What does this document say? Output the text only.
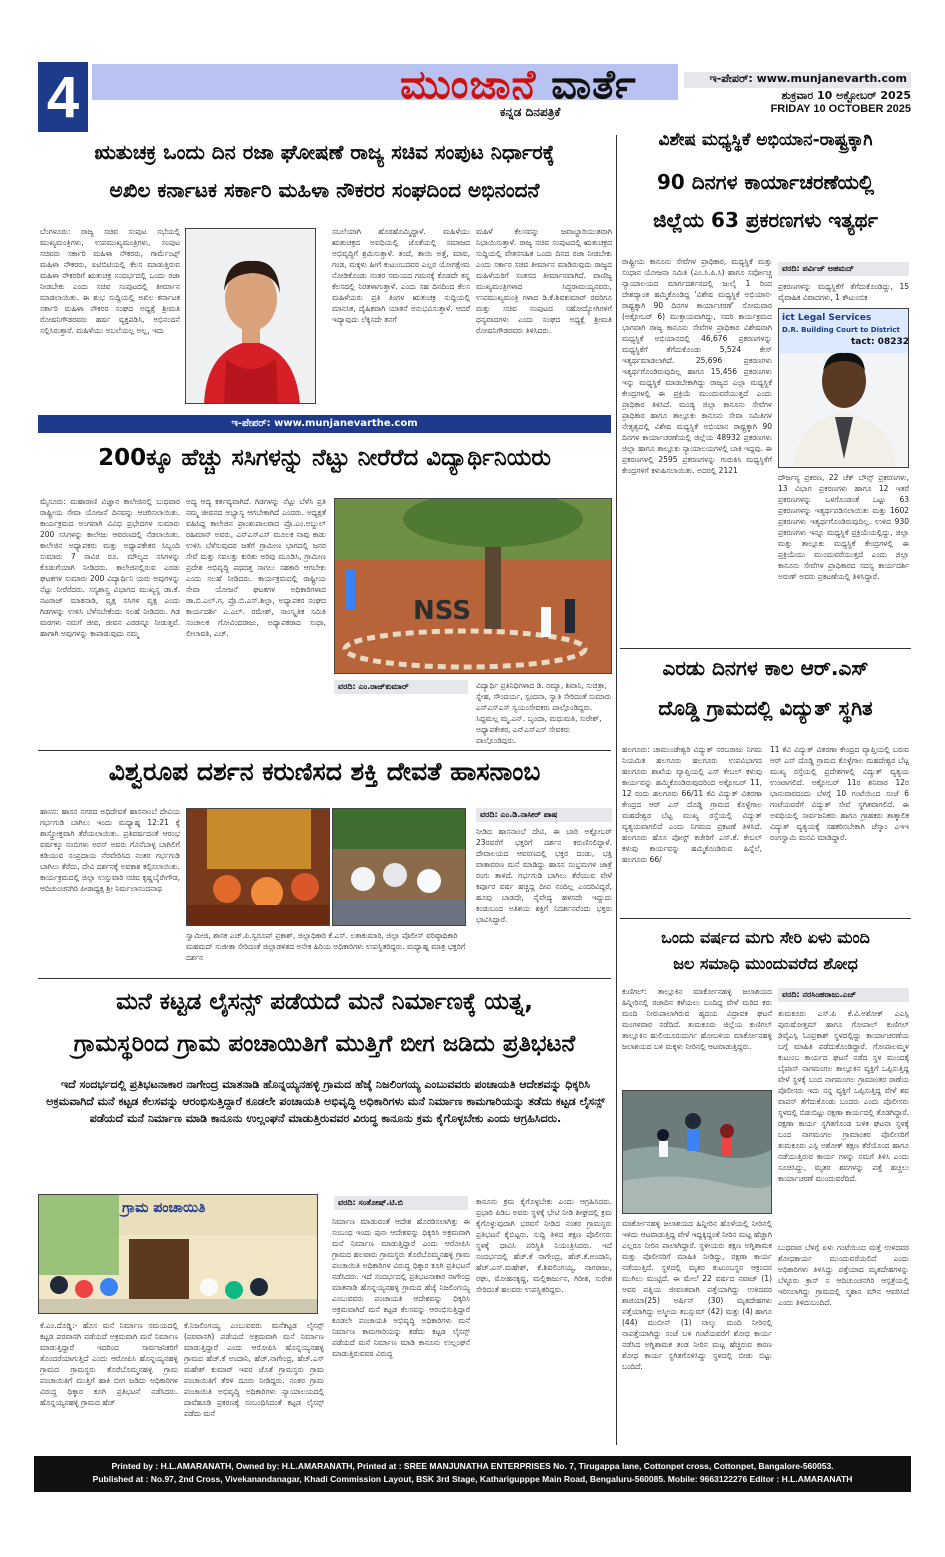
4	ಮುಂಜಾನೆ ವಾರ್ತೆ
ಕನ್ನಡ ದಿನಪತ್ರಿಕೆ
ಇ-ಪೇಪರ್: www.munjanevarth.com
ಶುಕ್ರವಾರ 10 ಅಕ್ಟೋಬರ್ 2025
FRIDAY 10 OCTOBER 2025
ಋತುಚಕ್ರ ಒಂದು ದಿನ ರಜಾ ಘೋಷಣೆ ರಾಜ್ಯ ಸಚಿವ ಸಂಪುಟ ನಿರ್ಧಾರಕ್ಕೆ
ಅಖಿಲ ಕರ್ನಾಟಕ ಸರ್ಕಾರಿ ಮಹಿಳಾ ನೌಕರರ ಸಂಘದಿಂದ ಅಭಿನಂದನೆ
ಬೆಂಗಳೂರು: ರಾಜ್ಯ ಸಚಿವ ಸಂಪುಟ ಸಭೆಯಲ್ಲಿ ಮುಖ್ಯಮಂತ್ರಿಗಳು, ಉಪಮುಖ್ಯಮಂತ್ರಿಗಳು, ಸಂಪುಟ ಸಚಿವರು ಸರ್ಕಾರಿ ಮಹಿಳಾ ನೌಕರರು, ಗಾರ್ಮೆಂಟ್ಸ್ ಮಹಿಳಾ ನೌಕರರು, ಐಟಿಬಿಟಿಯಲ್ಲಿ ಕೆಲಸ ಮಾಡುತ್ತಿರುವ ಮಹಿಳಾ ನೌಕರರಿಗೆ ಋತುಚಕ್ರ ಸಂದರ್ಭದಲ್ಲಿ ಒಂದು ರಜಾ ನೀಡಬೇಕು ಎಂದು ಸಚಿವ ಸಂಪುಟದಲ್ಲಿ ತೀರ್ಮಾನ ಮಾಡಲಾಯಿತು. ಈ ಶುಭ ಸುದ್ದಿಯಲ್ಲಿ ಅಖಿಲ ಕರ್ನಾಟಕ ಸರ್ಕಾರಿ ಮಹಿಳಾ ನೌಕರರ ಸಂಘದ ಅಧ್ಯಕ್ಷೆ ಶ್ರೀಮತಿ ರೋಷನಿಗೌಡರವರು ಹರ್ಷ ವ್ಯಕ್ತಪಡಿಸಿ, ಅಭಿನಂದನೆ ಸಲ್ಲಿಸಿರುತ್ತಾರೆ. ಮಹಿಳೆಯು ಅಬಲೆಯಲ್ಲ ಅಲ್ಲ, ಇದು
ಸಬಲೆಯಾಗಿ ಹೊರಹೊಮ್ಮಿದ್ದಾಳೆ. ಮಹಿಳೆಯು ಋತುಚಕ್ರದ ಅವಧಿಯಲ್ಲಿ ಜೊತೆಯಲ್ಲಿ ಸಮಾಜದ ಅಭಿವೃದ್ಧಿಗೆ ಶ್ರಮಿಸುತ್ತಾಳೆ. ತಂದೆ, ತಾಯಿ ಅತ್ತೆ, ಮಾವ, ಗಂಡ, ಮಕ್ಕಳು ಹೀಗೆ ಕುಟುಂಬದವರ ಎಲ್ಲರ ಯೋಗಕ್ಷೇಮ ನೋಡಿಕೊಂಡು ನಂತರ ಸಮಯದ ಗಮನಕ್ಕೆ ಕೊಡದೇ ತನ್ನ ಕೆಲಸದಲ್ಲಿ ನಿರತಳಾಗುತ್ತಾಳೆ. ಎಂದು ಸಹ ದಿನದಿಂದ ಕೆಲಸ ಮಹಿಳೆಯರು ಪ್ರತಿ ತಿಂಗಳ ಋತುಚಕ್ರ ಸುದ್ದಿಯಲ್ಲಿ ಮಾನಸಿಕ, ದೈಹಿಕವಾಗಿ ಯಾತನೆ ಅನುಭವಿಸುತ್ತಾಳೆ. ಆದರೆ ಇದ್ಯಾವುದು ಲೆಕ್ಕಿಸದೇ ತನಗೆ
ಮಹಿಳೆ ಕೆಲಸವನ್ನು ಜವಾಬ್ದಾರಿಯುತವಾಗಿ ನಿಭಾಯಿಸುತ್ತಾಳೆ. ರಾಜ್ಯ ಸಚಿವ ಸಂಪುಟದಲ್ಲಿ ಋತುಚಕ್ರದ ಸುದ್ದಿಯಲ್ಲಿ ವೇತನಸಹಿತ ಒಂದು ದಿನದ ರಜಾ ನೀಡಬೇಕು ಎಂದು ಸರ್ಕಾರ ಸಚಿವ ತೀರ್ಮಾನ ಮಾಡಿರುವುದು ರಾಜ್ಯದ ಮಹಿಳೆಯರಿಗೆ ಸಂತಸದ ತೀರ್ಮಾನವಾಗಿದೆ. ವಾಣಿಜ್ಯ ಮುಖ್ಯಮಂತ್ರಿಗಳಾದ ಸಿದ್ಧರಾಮಯ್ಯನವರು, ಉಪಮುಖ್ಯಮಂತ್ರಿ ಗಳಾದ ಡಿ.ಕೆ.ಶಿವಕುಮಾರ್ ರವರಿಗೂ ಮತ್ತು ಸಚಿವ ಸಂಪುಟದ ಸಹೋದ್ಯೋಗಿಗಳಿಗೆ ಧನ್ಯವಾದಗಳು ಎಂದು ಸಂಘದ ಅಧ್ಯಕ್ಷೆ ಶ್ರೀಮತಿ ರೋಷನಿಗೌಡರವರು ತಿಳಿಸಿದರು.
ಇ-ಪೇಪರ್: www.munjanevarthe.com
200ಕ್ಕೂ ಹೆಚ್ಚು ಸಸಿಗಳನ್ನು ನೆಟ್ಟು ನೀರೆರೆದ ವಿದ್ಯಾರ್ಥಿನಿಯರು
ಮೈಸೂರು: ಮಹಾರಾಣಿ ವಿಜ್ಞಾನ ಕಾಲೇಜಿನಲ್ಲಿ ಬುಧವಾರ ರಾಷ್ಟ್ರೀಯ ಸೇವಾ ಯೋಜನೆ ದಿನವನ್ನು ಆಚರಿಸಲಾಯಿತು. ಕಾರ್ಯಕ್ರಮದ ಅಂಗವಾಗಿ ವಿವಿಧ ಪ್ರಭೇದಗಳ ಸುಮಾರು 200 ಸಸಿಗಳನ್ನು ಕಾಲೇಜು ಆವರಣದಲ್ಲಿ ನೆಡಲಾಯಿತು. ಕಾಲೇಜಿನ ಅಧ್ಯಾಪಕರು ಮತ್ತು ಅಧ್ಯಾಪಕೇತರ ಸಿಬ್ಬಂದಿ ಸುಮಾರು 7 ಸಾವಿರ ರೂ. ಮೌಲ್ಯದ ಸಸಿಗಳನ್ನು ಕೊಡುಗೆಯಾಗಿ ನೀಡಿದರು. ಕಾಲೇಜಿನಲ್ಲಿರುವ ಎರಡು ಘಟಕಗಳ ಸುಮಾರು 200 ವಿದ್ಯಾರ್ಥಿನಿ ಯರು ಅವುಗಳನ್ನು ನೆಟ್ಟು ನೀರೆರೆದರು. ಸಸ್ಯಶಾಸ್ತ್ರ ವಿಭಾಗದ ಮುಖ್ಯಸ್ಥ ಡಾ.ಕೆ. ನಟರಾಜ್ ಮಾತನಾಡಿ, ವೃಕ್ಷ ಸಸಿಗಳ ವೃಕ್ಷ ಎಂದು ಗಿಡಗಳನ್ನು ಉಳಿಸಿ ಬೆಳೆಸಬೇಕೆಂದು ಸಲಹೆ ನೀಡಿದರು. ಗಿಡ ಮರಗಳು ನಮಗೆ ಜೀವ, ಜೀವನ ಎರಡನ್ನೂ ನೀಡುತ್ತವೆ. ಹಾಗಾಗಿ ಅವುಗಳನ್ನು ಕಾಪಾಡುವುದು ನಮ್ಮ
ಅದ್ಯ ಆದ್ಯ ಕರ್ತವ್ಯವಾಗಿದೆ. ಗಿಡಗಳನ್ನು ನೆಟ್ಟು ಬೆಳೆಸಿ ಪ್ರತಿ ನಮ್ಮ ಜೀವನದ ಅಭ್ಯಾಸ್ಯ ಆಗಬೇಕಾಗಿದೆ ಎಂದರು. ಅಧ್ಯಕ್ಷತೆ ವಹಿಸಿದ್ದ ಕಾಲೇಜಿನ ಪ್ರಾಂಶುಪಾಲರಾದ ಪ್ರೊ.ಎಂ.ಅಬ್ದುಲ್ ರಹಿಮಾನ್ ಅವರು, ಎನ್‌ಎಸ್‌ಎಸ್ ಮೂಲಕ ನಾವು ಕಾಡು ಉಳಿಸಿ ಬೆಳೆಸುವುದರ ಜತೆಗೆ ಗ್ರಾಮೀಣ ಭಾಗದಲ್ಲಿ ಜನರ ಸೇವೆ ಮತ್ತು ಸವಲತ್ತು ಕುರಿತು ಅರಿವು ಮೂಡಿಸಿ, ಗ್ರಾಮೀಣ ಪ್ರದೇಶ ಅಭಿವೃದ್ಧಿ ಪಥದತ್ತ ಸಾಗಲು ಸಹಕಾರಿ ಆಗಬೇಕು ಎಂದು ಸಲಹೆ ನೀಡಿದರು. ಕಾರ್ಯಕ್ರಮದಲ್ಲಿ ರಾಷ್ಟ್ರೀಯ ಸೇವಾ ಯೋಜನೆ ಘಟಕಗಳ ಅಧಿಕಾರಿಗಳಾದ ಡಾ.ಬಿ.ಎಲ್.ಗ, ಪ್ರೊ.ಬಿ.ಎಸ್.ಶಿಲ್ಪಾ, ಅಧ್ಯಾಪಕರ ಸಂಘದ ಕಾರ್ಯದರ್ಶಿ ಎ.ಎಲ್. ರಮೇಶ್, ಸಾಂಸ್ಕೃತಿಕ ಸಮಿತಿ ಸಂಚಾಲಕ ಗೋವಿಂದರಾಜು, ಅಧ್ಯಾಪಕರಾದ ಸುಧಾ, ಲೀಲಾವತಿ, ಎಚ್.
NSS
ವರದಿ: ಎಂ.ರಾಜ್‌ಕುಮಾರ್	ವಿದ್ಯಾರ್ಥಿ ಪ್ರತಿನಿಧಿಗಳಾದ ಡಿ. ರಮ್ಯಾ, ಶಿವಾನಿ, ಸುಚಿತ್ರಾ, ಸ್ನೇಹ, ಸೌಂದರ್ಯ, ಸ್ಪಂದನಾ, ಸ್ವಾತಿ ಸೇರಿದಂತೆ ಸುಮಾರು ಎನ್‌ಎಸ್‌ಎಸ್ ಸ್ವಯಂಸೇವಕರು ಪಾಲ್ಗೊಂಡಿದ್ದರು. ಸಿದ್ದಮಲ್ಲ ಮ್ಮ.ಎನ್. ಬೃಂದಾ, ಮಧುಮತಿ, ಸುರೇಶ್, ಅಧ್ಯಾಪಕೇತರ, ಎನ್‌ಎಸ್‌ಎಸ್ ಸೇವಕರು ಪಾಲ್ಗೊಂಡಿದ್ದರು.
ವಿಶ್ವರೂಪ ದರ್ಶನ ಕರುಣಿಸದ ಶಕ್ತಿ ದೇವತೆ ಹಾಸನಾಂಬ
ಹಾಸನ: ಹಾಸನ ನಗರದ ಅಧಿದೇವತೆ ಹಾಸನಾಂಬೆ ದೇವಿಯ ಗರ್ಭಗುಡಿ ಬಾಗಿಲು ಇಂದು ಮಧ್ಯಾಹ್ನ 12:21 ಕ್ಕೆ ಶಾಸ್ತ್ರೋಕ್ತವಾಗಿ ತೆರೆಯಲಾಯಿತು. ಪ್ರತಿವರ್ಷದಂತೆ ಆರಂಭ ವರ್ಷಕ್ಕೂ ನಂಬಿಗಳು ಅರಸ್ ಅವರು ಗೊನೆಬಾಳ್ಳ ಬಾಗಿಲಿಗೆ ಕಡಿಯುವ ಸಂಪ್ರದಾಯ ನೆರವೇರಿಸಿದ ನಂತರ ಗರ್ಭಗುಡಿ ಬಾಗಿಲು ತೆರೆದು, ದೇವಿ ದರ್ಶನಕ್ಕೆ ಅವಕಾಶ ಕಲ್ಪಿಸಲಾಯಿತು. ಕಾರ್ಯಕ್ರಮದಲ್ಲಿ ಜಿಲ್ಲಾ ಉಸ್ತುವಾರಿ ಸಚಿವ ಕೃಷ್ಣಬೈರೇಗೌಡ, ಆದಿಚುಂಚನಗಿರಿ ಪೀಠಾಧ್ಯಕ್ಷ ಶ್ರೀ ನಿರ್ಮಲಾನಂದನಾಥ
ಸ್ವಾಮೀಜಿ, ಶಾಸಕ ಎಚ್.ಪಿ.ಸ್ವರೂಪ್ ಪ್ರಕಾಶ್, ಜಿಲ್ಲಾಧಿಕಾರಿ ಕೆ.ಎಸ್. ಲತಾಕುಮಾರಿ, ಜಿಲ್ಲಾ ಪೊಲೀಸ್ ವರಿಷ್ಠಾಧಿಕಾರಿ ಮಹಮದ್ ಸುಜೀತಾ ಸೇರಿದಂತೆ ಜಿಲ್ಲಾಡಳಿತದ ಅನೇಕ ಹಿರಿಯ ಅಧಿಕಾರಿಗಳು ಉಪಸ್ಥಿತರಿದ್ದರು. ಮಧ್ಯಾಹ್ನ ಮಾತ್ರ ಭಕ್ತರಿಗೆ ದರ್ಶನ
ವರದಿ: ಎಂ.ಡಿ.ನಾಸೀರ್ ಪಾಷ
ನೀಡಿದ ಹಾಸನಾಂಬೆ ದೇವಿ, ಈ ಬಾರಿ ಅಕ್ಟೋಬರ್ 23ರವರೆಗೆ ಭಕ್ತರಿಗೆ ದರ್ಶನ ಕರುಣಿಸಲಿದ್ದಾಳೆ. ದೇವಾಲಯದ ಆವರಣದಲ್ಲಿ ಭಕ್ತರ ದಂಡು, ಭಕ್ತಿ ವಾತಾವರಣ ಮನೆ ಮಾಡಿದ್ದು ಹಾಸನ ಸಂಭ್ರಮಗಳ ಜಾತ್ರೆ ರಂಗು ತಾಳಿದೆ. ಗರ್ಭಗುಡಿ ಬಾಗಿಲು ತೆರೆಯುವ ವೇಳೆ ಕರ್ಪೂರ ವರ್ಷ ಹಚ್ಚಿದ್ದ ದೀಪ ನಂದಿಲ್ಲ ಎಂದರಿವಿದ್ದರೆ, ಹೂವು ಬಾಡದೇ, ನೈವೇದ್ಯ ಹಳಸದೇ ಇದ್ದುದು ಕಂಡುಬಂದ ಅತಿಶಯ ಶಕ್ತಿಗೆ ನಿದರ್ಶನವೆಂದು ಭಕ್ತರು ಭಾವಿಸಿದ್ದಾರೆ.
ಮನೆ ಕಟ್ಟಡ ಲೈಸನ್ಸ್ ಪಡೆಯದೆ ಮನೆ ನಿರ್ಮಾಣಕ್ಕೆ ಯತ್ನ,
ಗ್ರಾಮಸ್ಥರಿಂದ ಗ್ರಾಮ ಪಂಚಾಯಿತಿಗೆ ಮುತ್ತಿಗೆ ಬೀಗ ಜಡಿದು ಪ್ರತಿಭಟನೆ
ಇದೆ ಸಂದರ್ಭದಲ್ಲಿ ಪ್ರತಿಭಟನಾಕಾರ ನಾಗೇಂದ್ರ ಮಾತನಾಡಿ ಹೊನ್ನಯ್ಯನಹಳ್ಳಿ ಗ್ರಾಮದ ಹೆಜ್ಕೆ ನಿಜಲಿಂಗಯ್ಯ ಎಂಬುವವರು ಪಂಚಾಯತಿ ಆದೇಶವನ್ನು ಧಿಕ್ಕರಿಸಿ ಅಕ್ರಮವಾಗಿದೆ ಮನೆ ಕಟ್ಟಡ ಕೆಲಸವನ್ನು ಆರಂಭಿಸುತ್ತಿದ್ದಾರೆ ಕೂಡಲೇ ಪಂಚಾಯತಿ ಅಭಿವೃದ್ಧಿ ಅಧಿಕಾರಿಗಳು ಮನೆ ನಿರ್ಮಾಣ ಕಾಮಗಾರಿಯನ್ನು ತಡೆದು ಕಟ್ಟಡ ಲೈಸನ್ಸ್ ಪಡೆಯದೆ ಮನೆ ನಿರ್ಮಾಣ ಮಾಡಿ ಕಾನೂನು ಉಲ್ಲಂಘನೆ ಮಾಡುತ್ತಿರುವವರ ವಿರುದ್ಧ ಕಾನೂನು ಕ್ರಮ ಕೈಗೊಳ್ಳಬೇಕು ಎಂದು ಆಗ್ರಹಿಸಿದರು.
ಗ್ರಾಮ ಪಂಚಾಯಿತಿ
ಕೆ.ಎಂ.ದೊಡ್ಡಿ:- ಹೊಸ ಮನೆ ನಿರ್ಮಾಣ ಸಮಯದಲ್ಲಿ ಕಟ್ಟಡ ಪರವಾನಗಿ ಪಡೆಯದೆ ಅಕ್ರಮವಾಗಿ ಮನೆ ನಿರ್ಮಾಣ ಮಾಡುತ್ತಿದ್ದಾರೆ ಇದರಿಂದ ಸಾರ್ವಜನಿಕರಿಗೆ ತೊಂದರೆಯಾಗುತ್ತಿದೆ ಎಂದು ಆರೋಪಿಸಿ ಹೊನ್ನಯ್ಯನಹಳ್ಳಿ ಗ್ರಾಮದ ಗ್ರಾಮಸ್ಥರು ತೊರೆಬೊಮ್ಮನಹಳ್ಳಿ ಗ್ರಾಮ ಪಂಚಾಯಿತಿಗೆ ಮುತ್ತಿಗೆ ಹಾಕಿ ಬೀಗ ಜಡಿದು ಅಧಿಕಾರಿಗಳ ವಿರುದ್ಧ ಧಿಕ್ಕಾರ ಕೂಗಿ ಪ್ರತಿಭಟನೆ ನಡೆಸಿದರು. ಹೊನ್ನಯ್ಯನಹಳ್ಳಿ ಗ್ರಾಮದ ಹೆಚ್
ಕೆ.ನಿಜಲಿಂಗಯ್ಯ ಎಂಬುವವರು ಮನೆಕಟ್ಟಡ ಲೈಸನ್ಸ್ (ಪರವಾನಗಿ) ಪಡೆಯದೆ ಅಕ್ರಮವಾಗಿ ಮನೆ ನಿರ್ಮಾಣ ಮಾಡುತ್ತಿದ್ದಾರೆ ಎಂದು ಆರೋಪಿಸಿ ಹೊನ್ನಯ್ಯನಹಳ್ಳಿ ಗ್ರಾಮದ ಹೆಚ್.ಕೆ ಅಂದಾನಿ, ಹೆಚ್.ನಾಗೇಂದ್ರ, ಹೆಚ್.ಎಸ್ ಮಹೇಶ್ ಕುಮಾರ್ ಇವರ ಜೊತೆ ಗ್ರಾಮಸ್ಥರು ಗ್ರಾಮ ಪಂಚಾಯಿತಿಗೆ ತೆರಳಿ ದೂರು ನೀಡಿದ್ದರು. ನಂತರ ಗ್ರಾಮ ಪಂಚಾಯಿತಿ ಅಭಿವೃದ್ಧಿ ಅಧಿಕಾರಿಗಳು ನ್ಯಾಯಾಲಯದಲ್ಲಿ ದಾವೆಹೂಡಿ ಪ್ರಕರಣಕ್ಕೆ ಸಂಬಂಧಿಸಿದಂತೆ ಕಟ್ಟಡ ಲೈಸನ್ಸ್ ಪಡೆದು ಮನೆ
ವರದಿ: ಸಂತೋಷ್.ಟಿ.ಬಿ
ನಿರ್ಮಾಣ ಮಾಡುವಂತೆ ಆದೇಶ ಹೊರಡಿಸಲಾಗಿತ್ತು ಈ ಸಂಬಂಧ ಇಂದು ಪುನಃ ಆದೇಶವನ್ನು ಧಿಕ್ಕರಿಸಿ ಅಕ್ರಮವಾಗಿ ಮನೆ ನಿರ್ಮಾಣ ಮಾಡುತ್ತಿದ್ದಾರೆ ಎಂದು ಆರೋಪಿಸಿ ಗ್ರಾಮದ ಹಲವಾರು ಗ್ರಾಮಸ್ಥರು ತೊರೆಬೊಮ್ಮನಹಳ್ಳಿ ಗ್ರಾಮ ಪಂಚಾಯಿತಿ ಅಧಿಕಾರಿಗಳ ವಿರುದ್ಧ ಧಿಕ್ಕಾರ ಕೂಗಿ ಪ್ರತಿಭಟನೆ ನಡೆಸಿದರು. ಇದೆ ಸಂದರ್ಭದಲ್ಲಿ ಪ್ರತಿಭಟನಾಕಾರ ನಾಗೇಂದ್ರ ಮಾತನಾಡಿ ಹೊನ್ನಯ್ಯನಹಳ್ಳಿ ಗ್ರಾಮದ ಹೆಜ್ಕೆ ನಿಜಲಿಂಗಯ್ಯ ಎಂಬುವವರು ಪಂಚಾಯತಿ ಆದೇಶವನ್ನು ಧಿಕ್ಕರಿಸಿ ಅಕ್ರಮವಾಗಿದೆ ಮನೆ ಕಟ್ಟಡ ಕೆಲಸವನ್ನು ಆರಂಭಿಸುತ್ತಿದ್ದಾರೆ ಕೂಡಲೇ ಪಂಚಾಯತಿ ಅಭಿವೃದ್ಧಿ ಅಧಿಕಾರಿಗಳು ಮನೆ ನಿರ್ಮಾಣ ಕಾಮಗಾರಿಯನ್ನು ತಡೆದು ಕಟ್ಟಡ ಲೈಸನ್ಸ್ ಪಡೆಯದೆ ಮನೆ ನಿರ್ಮಾಣ ಮಾಡಿ ಕಾನೂನು ಉಲ್ಲಂಘನೆ ಮಾಡುತ್ತಿರುವವರ ವಿರುದ್ಧ
ಕಾನೂನು ಕ್ರಮ ಕೈಗೊಳ್ಳಬೇಕು ಎಂದು ಆಗ್ರಹಿಸಿದರು. ಪ್ರಭಾರಿ ಪಿಡಿಒ ಅವರು ಸ್ಥಳಕ್ಕೆ ಭೇಟಿ ನೀಡಿ ಶೀಘ್ರದಲ್ಲಿ ಕ್ರಮ ಕೈಗೊಳ್ಳುವುದಾಗಿ ಭರವಸೆ ನೀಡಿದ ನಂತರ ಗ್ರಾಮಸ್ಥರು ಪ್ರತಿಭಟನೆ ಕೈಬಿಟ್ಟರು. ಸುದ್ದಿ ತಿಳಿದ ತಕ್ಷಣ ಪೊಲೀಸರು ಸ್ಥಳಕ್ಕೆ ಧಾವಿಸಿ ಪರಿಸ್ಥಿತಿ ನಿಯಂತ್ರಿಸಿದರು. ಇದೆ ಸಂದರ್ಭದಲ್ಲಿ ಹೆಚ್.ಕೆ ನಾಗೇಂದ್ರ, ಹೆಚ್.ಕೆ.ಅಂದಾನಿ, ಹೆಚ್.ಎಸ್.ಮಹೇಶ್, ಕೆ.ಶಿವಲಿಂಗಯ್ಯ, ನಾಗರಾಜು, ರಘು, ಮೋಹನಕೃಷ್ಣ, ಮಲ್ಲಿಕಾರ್ಜುನ, ಗಿರೀಶ, ಸುರೇಶ ಸೇರಿದಂತೆ ಹಲವರು ಉಪಸ್ಥಿತರಿದ್ದರು.
ವಿಶೇಷ ಮಧ್ಯಸ್ಥಿಕೆ ಅಭಿಯಾನ-ರಾಷ್ಟ್ರಕ್ಕಾಗಿ
90 ದಿನಗಳ ಕಾರ್ಯಾಚರಣೆಯಲ್ಲಿ
ಜಿಲ್ಲೆಯ 63 ಪ್ರಕರಣಗಳು ಇತ್ಯರ್ಥ
ರಾಷ್ಟ್ರೀಯ ಕಾನೂನು ಸೇವೆಗಳ ಪ್ರಾಧಿಕಾರ, ಮಧ್ಯಸ್ಥಿಕೆ ಮತ್ತು ಸಂಧಾನ ಯೋಜನಾ ಸಮಿತಿ (ಎಂ.ಸಿ.ಪಿ.ಸಿ) ಹಾಗೂ ಸರ್ವೋಚ್ಚ ನ್ಯಾಯಾಲಯದ ಮಾರ್ಗದರ್ಶನದಲ್ಲಿ ಜುಲೈ 1 ರಿಂದ ದೇಶದ್ಯಾಂತ ಹಮ್ಮಿಕೊಂಡಿದ್ದ 'ವಿಶೇಷ ಮಧ್ಯಸ್ಥಿಕೆ ಅಭಿಯಾನ-ರಾಷ್ಟ್ರಕ್ಕಾಗಿ 90 ದಿನಗಳ ಕಾರ್ಯಾಚರಣೆ' ಸೋಮವಾರ (ಅಕ್ಟೋಬರ್ 6) ಮುಕ್ತಾಯವಾಗಿದ್ದು, ಸದರಿ ಕಾರ್ಯಕ್ರಮದ ಭಾಗವಾಗಿ ರಾಜ್ಯ ಕಾನೂನು ಸೇವೆಗಳ ಪ್ರಾಧಿಕಾರ ವಿಶೇಷವಾಗಿ ಮಧ್ಯಸ್ಥಿಕೆ ಅಭಿಯಾನದಲ್ಲಿ 46,676 ಪ್ರಕರಣಗಳನ್ನು ಮಧ್ಯಸ್ಥಿಕೆಗೆ ತೆಗೆದುಕೊಂಡು 5,524 ಕೇಸ್ ಇತ್ಯರ್ಥಮಾಡಲಾಗಿದೆ. 25,696 ಪ್ರಕರಣಗಳು ಇತ್ಯರ್ಥಗೊಂಡಿರುವುದಿಲ್ಲ ಹಾಗೂ 15,456 ಪ್ರಕರಣಗಳು ಇನ್ನು ಮಧ್ಯಸ್ಥಿಕೆ ಮಾಡಬೇಕಾಗಿದ್ದು ರಾಜ್ಯದ ಎಲ್ಲಾ ಮಧ್ಯಸ್ಥಿಕೆ ಕೇಂದ್ರಗಳಲ್ಲಿ ಈ ಪ್ರಕ್ರಿಯೆ ಮುಂದುವರೆಯುತ್ತದೆ ಎಂದು ಪ್ರಾಧಿಕಾರ ತಿಳಿಸಿದೆ. ಮಂಡ್ಯ ಜಿಲ್ಲಾ ಕಾನೂನು ಸೇವೆಗಳ ಪ್ರಾಧಿಕಾರ ಹಾಗೂ ತಾಲ್ಲೂಕು ಕಾನೂನು ಸೇವಾ ಸಮಿತಿಗಳ ನೇತೃತ್ವದಲ್ಲಿ ವಿಶೇಷ ಮಧ್ಯಸ್ಥಿಕೆ ಅಭಿಯಾನ ರಾಷ್ಟ್ರಕ್ಕಾಗಿ 90 ದಿನಗಳ ಕಾರ್ಯಾಚರಣೆಯಲ್ಲಿ ಜಿಲ್ಲೆಯ 48932 ಪ್ರಕರಣಗಳು ಜಿಲ್ಲಾ ಹಾಗೂ ತಾಲ್ಲೂಕು ನ್ಯಾಯಾಲಯಗಳಲ್ಲಿ ಬಾಕಿ ಇದ್ದವು. ಈ ಪ್ರಕರಣಗಳಲ್ಲಿ 2595 ಪ್ರಕರಣಗಳನ್ನು ಗುರುತಿಸಿ ಮಧ್ಯಸ್ಥಿಕೆಗೆ ಕೇಂದ್ರಗಳಿಗೆ ಕಳುಹಿಸಲಾಯಿತು. ಅದರಲ್ಲಿ 2121
ವರದಿ: ಪರ್ವಿಜ್ ಅಹಮದ್
ಪ್ರಕರಣಗಳನ್ನು ಮಧ್ಯಸ್ಥಿಕೆಗೆ ತೆಗೆದುಕೊಂಡಿದ್ದು, 15 ವೈವಾಹಿಕ ವಿವಾದಗಳು, 1 ಕೌಟುಂಬಿಕ
ict Legal Services
D.R. Building Court to District
tact: 08232
ದೌರ್ಜನ್ಯ ಪ್ರಕರಣ, 22 ಚೆಕ್ ಬೌನ್ಸ್ ಪ್ರಕರಣಗಳು, 13 ವಿಭಾಗ ಪ್ರಕರಣಗಳು ಹಾಗೂ 12 ಇತರೆ ಪ್ರಕರಣಗಳನ್ನು ಒಳಗೊಂಡಂತೆ ಒಟ್ಟು 63 ಪ್ರಕರಣಗಳನ್ನು ಇತ್ಯರ್ಥಪಡಿಸಲಾಯಿತು ಮತ್ತು 1602 ಪ್ರಕರಣಗಳು ಇತ್ಯರ್ಥಗೊಂಡಿರುವುದಿಲ್ಲ. ಉಳಿದ 930 ಪ್ರಕರಣಗಳು ಇನ್ನೂ ಮಧ್ಯಸ್ಥಿಕೆ ಪ್ರಕ್ರಿಯೆಯಲ್ಲಿದ್ದು, ಜಿಲ್ಲಾ ಮತ್ತು ತಾಲ್ಲೂಕು ಮಧ್ಯಸ್ಥಿಕೆ ಕೇಂದ್ರಗಳಲ್ಲಿ ಈ ಪ್ರಕ್ರಿಯೆಯು ಮುಂದುವರೆಯುತ್ತದೆ ಎಂದು ಜಿಲ್ಲಾ ಕಾನೂನು ಸೇವೆಗಳ ಪ್ರಾಧಿಕಾರದ ಸದಸ್ಯ ಕಾರ್ಯದರ್ಶಿ ಅರುಣ್ ಅವರು ಪ್ರಕಟಣೆಯಲ್ಲಿ ತಿಳಿಸಿದ್ದಾರೆ.
ಎರಡು ದಿನಗಳ ಕಾಲ ಆರ್.ಎಸ್
ದೊಡ್ಡಿ ಗ್ರಾಮದಲ್ಲಿ ವಿದ್ಯುತ್ ಸ್ಥಗಿತ
ಹಲಗೂರು: ಚಾಮುಂಡೇಶ್ವರಿ ವಿದ್ಯುತ್ ಸರಬರಾಜು ನಿಗಮ ನಿಯಮಿತ ಹಲಗೂರು ಹಲಗೂರು ಉಪವಿಭಾಗದ ಹಲಗೂರು ಶಾಖೆಯ ವ್ಯಾಪ್ತಿಯಲ್ಲಿ ಎಸ್ ಕೇಬಲ್ ಕಳುವು ಕಾರ್ಯವನ್ನು ಹಮ್ಮಿಕೊಂಡಿರುವುದರಿಂದ ಅಕ್ಟೋಬರ್ 11, 12 ರಂದು ಹಲಗೂರು 66/11 ಕೆವಿ ವಿದ್ಯುತ್ ವಿತರಣಾ ಕೇಂದ್ರದ ಆರ್ ಎಸ್ ದೊಡ್ಡಿ ಗ್ರಾಮದ ಕೊಳ್ಳೆಗಾಲ ಮಹದೇಶ್ವರ ಬೆಟ್ಟ ಮುಖ್ಯ ರಸ್ತೆಯಲ್ಲಿ ವಿದ್ಯುತ್ ವ್ಯತ್ಯಯವಾಗಲಿದೆ ಎಂದು ನಿಗಮದ ಪ್ರಕಟಣೆ ತಿಳಿಸಿದೆ. ಹಲಗೂರು ಹೊಸ ಪೋಸ್ಟ್ ಕಚೇರಿಗೆ ಎಸ್.ಕೆ. ಕೇಬಲ್ ಕಳುವು ಕಾರ್ಯವನ್ನು ಹಮ್ಮಿಕೊಂಡಿರುವ ಹಿನ್ನೆಲೆ, ಹಲಗೂರು 66/
11 ಕೆವಿ ವಿದ್ಯುತ್ ವಿತರಣಾ ಕೇಂದ್ರದ ವ್ಯಾಪ್ತಿಯಲ್ಲಿ ಬರುವ ಆರ್ ಎಸ್ ದೊಡ್ಡಿ ಗ್ರಾಮದ ಕೊಳ್ಳೆಗಾಲ ಮಹದೇಶ್ವರ ಬೆಟ್ಟ ಮುಖ್ಯ ರಸ್ತೆಯಲ್ಲಿ ಪ್ರದೇಶಗಳಲ್ಲಿ ವಿದ್ಯುತ್ ವ್ಯತ್ಯಯ ಉಂಟಾಗಲಿದೆ. ಅಕ್ಟೋಬರ್ 11ರ ಶನಿವಾರ 12ರ ಭಾನುವಾರದಂದು ಬೆಳಗ್ಗೆ 10 ಗಂಟೆಯಿಂದ ಸಂಜೆ 6 ಗಂಟೆಯವರೆಗೆ ವಿದ್ಯುತ್ ಸೇವೆ ಸ್ಥಗಿತವಾಗಲಿದೆ. ಈ ಅವಧಿಯಲ್ಲಿ ಸಾರ್ವಜನಿಕರು ಹಾಗೂ ಗ್ರಾಹಕರು ತಾತ್ಕಾಲಿಕ ವಿದ್ಯುತ್ ವ್ಯತ್ಯಯಕ್ಕೆ ಸಹಕರಿಸಬೇಕಾಗಿ ಚೆಸ್ಕಾಂ ಎಇಇ ರಂಗಸ್ವಾಮಿ ಮನವಿ ಮಾಡಿದ್ದಾರೆ.
ಒಂದು ವರ್ಷದ ಮಗು ಸೇರಿ ಏಳು ಮಂದಿ
ಜಲ ಸಮಾಧಿ ಮುಂದುವರೆದ ಶೋಧ
ಕುಣಿಗಲ್: ತಾಲ್ಲೂಕಿನ ಮಾರ್ಕೋನಹಳ್ಳಿ ಜಲಾಶಯದ ಹಿನ್ನೀರಿನಲ್ಲಿ ರಜಾದಿನ ಕಳೆಯಲು ಬಂದಿದ್ದ ವೇಳೆ ಮರಿದ ಕರು ಮಂದಿ ನೀರುಪಾಲಾಗಿರುವ ಹೃದಯ ವಿದ್ರಾವಕ ಘಟನೆ ಮಂಗಳವಾರ ನಡೆದಿದೆ. ತುಮಕೂರು ಜಿಲ್ಲೆಯ ಕುಣಿಗಲ್ ತಾಲ್ಲೂಕಿನ ಹುಲಿಯೂರುದುರ್ಗ ಹೋಬಳಿಯ ಮಾರ್ಕೋನಹಳ್ಳಿ ಜಲಾಶಯದ ಬಳಿ ಮಕ್ಕಳು ನೀರಿನಲ್ಲಿ ಆಟವಾಡುತ್ತಿದ್ದರು.
ವರದಿ: ನರಸಿಂಹರಾಜು.ಎಚ್
ತುಮಕೂರು ಎಸ್.ಪಿ ಕೆ.ವಿ.ಅಶೋಕ್ ಎಎಸ್ಪಿ ಪುರುಷೋತ್ತಮ್ ಹಾಗೂ ಗೋಪಾಲ್ ಕುಣಿಗಲ್ ಡಿವೈಎಸ್ಪಿ ಓಂಪ್ರಕಾಶ್ ಸ್ಥಳದಲ್ಲಿದ್ದು ಕಾರ್ಯಾಚರಣೆಯ ಬಗ್ಗೆ ಮಾಹಿತಿ ಪಡೆದುಕೊಂಡಿದ್ದಾರೆ. ಗೋಪಾಲಮ್ಮಳ ಕುಟುಂಬ ಕಾರ್ಯದ ಘಟನೆ ನಡೆದ ಸ್ಥಳ ಮುಂದಕ್ಕೆ ಬೈಪಾಸ್ ನಾಗಮಂಗಲ ತಾಲ್ಲೂಕಿನ ವ್ಯಕ್ತಿಗೆ ಒಪ್ಪಿಸುತ್ತಿದ್ದ ವೇಳೆ ಸ್ಥಳಕ್ಕೆ ಬಂದ ನಾಗಮಂಗಲ ಗ್ರಾಮಾಂತರ ಠಾಣೆಯ ಪೊಲೀಸರು ಇದು ನನ್ನ ವ್ಯಕ್ತಿಗೆ ಒಪ್ಪಿಸುತ್ತಿದ್ದ ವೇಳೆ ಶವ ವಾಪಸ್ ತೆಗೆದುಕೊಂಡು ಬಂದರು ಎಂದು ಪೊಲೀಸರು ಸ್ಥಳದಲ್ಲಿ ಬಿಡುಬಿಟ್ಟು ರಕ್ಷಣಾ ಕಾರ್ಯದಲ್ಲಿ ತೊಡಗಿದ್ದಾರೆ. ರಕ್ಷಣಾ ಕಾರ್ಯ ಸ್ಥಗಿತಗೊಂಡ ಬಳಿಕ ಘಟನಾ ಸ್ಥಳಕ್ಕೆ ಬಂದ ನಾಗಮಂಗಲ ಗ್ರಾಮಾಂತರ ಪೊಲೀಸರಿಗೆ ತುಮಕೂರು ಎಸ್ಪಿ ಅಶೋಕ್ ತಕ್ಷಣ ತೆರೆಯೊಂದ ಹಾಗೂ ನಡೆಯುತ್ತಿರುವ ಕಾರ್ಯ ಗಳನ್ನು ನಮಗೆ ತಿಳಿಸಿ ಎಂದು ಸೂಚಿಸಿದ್ದು, ಮೃತರ ಶವಗಳನ್ನು ಪತ್ತೆ ಹಚ್ಚಲು ಕಾರ್ಯಾಚರಣೆ ಮುಂದುವರೆದಿದೆ.
ಮಾರ್ಕೋನಹಳ್ಳಿ ಜಲಾಶಯದ ಹಿನ್ನೀರಿನ ಹೊಳೆಯಲ್ಲಿ ನೀರಿನಲ್ಲಿ ಇಳಿದು ಆಟವಾಡುತ್ತಿದ್ದ ವೇಳೆ ಇದ್ದಕ್ಕಿದ್ದಂತೆ ನೀರಿನ ಮಟ್ಟ ಹೆಚ್ಚಾಗಿ ಎಲ್ಲರೂ ನೀರಿನ ಪಾಲಾಗಿದ್ದಾರೆ. ಸ್ಥಳೀಯರು ತಕ್ಷಣ ಅಗ್ನಿಶಾಮಕ ಮತ್ತು ಪೊಲೀಸರಿಗೆ ಮಾಹಿತಿ ನೀಡಿದ್ದು, ರಕ್ಷಣಾ ಕಾರ್ಯ ನಡೆಯುತ್ತಿದೆ. ಸ್ಥಳದಲ್ಲಿ ಮೃತರ ಕುಟುಂಬಸ್ಥರ ಆಕ್ರಂದನ ಮುಗಿಲು ಮುಟ್ಟಿದೆ. ಈ ಮೇಲೆ 22 ವರ್ಷದ ನವಾಜ್ (1) ಅವರ ಪತ್ನಿಯ ಜೀವಂತವಾಗಿ ಪತ್ತೆಯಾಗಿದ್ದು ಉಳಿದವರ ಶಾಜಿಯಾ(25) ಅರ್ಷಿನ್ (30) ಮೃತದೇಹಗಳು ಪತ್ತೆಯಾಗಿದ್ದು ಅಸ್ಮೀಯ ತಬಸ್ಸುಮ್ (42) ಮತ್ತು (4) ಹಾಗೂ (44) ಮುಬೀನ್ (1) ನಾಲ್ಕು ಮಂದಿ ನೀರಿನಲ್ಲಿ ನಾಪತ್ತೆಯಾಗಿದ್ದು ಸಂಜೆ ಬಳಿ ಗಂಟೆಯವರೆಗೆ ಶೋಧ ಕಾರ್ಯ ನಡೆಸಿದ ಅಗ್ನಿಶಾಮಕ ತಂಡ ನೀರಿನ ಮಟ್ಟ ಹೆಚ್ಚಿರುವ ಕಾರಣ ಶೋಧ ಕಾರ್ಯ ಸ್ಥಗಿತಗೊಳಿಸಿದ್ದು ಸ್ಥಳದಲ್ಲಿ ಬೀಡು ಬಿಟ್ಟು ಬಂದಿದೆ.
ಬುಧವಾರ ಬೆಳಿಗ್ಗೆ ಏಳು ಗಂಟೆಯಿಂದ ಮತ್ತೆ ಉಳಿದವರ ಶೋಧಕಾರ್ಯ ಮುಂದುವರೆಯಲಿದೆ ಎಂದು ಅಧಿಕಾರಿಗಳು ತಿಳಿಸಿದ್ದು ಪತ್ತೆಯಾದ ಮೃತದೇಹಗಳನ್ನು ಬೆಳ್ಳೂರು ಕ್ರಾಸ್ ನ ಆದಿಚುಂಚನಗಿರಿ ಆಸ್ಪತ್ರೆಯಲ್ಲಿ ಇರಿಸಲಾಗಿದ್ದು ಗ್ರಾಮದಲ್ಲಿ ಸ್ಮಶಾನ ಮೌನ ಆವರಿಸಿದೆ ಎಂದು ತಿಳಿದುಬಂದಿದೆ.
Printed by : H.L.AMARANATH, Owned by: H.L.AMARANATH, Printed at : SREE MANJUNATHA ENTERPRISES No. 7, Tirugappa lane, Cottonpet cross, Cottonpet, Bangalore-560053.
Published at : No.97, 2nd Cross, Vivekanandanagar, Khadi Commission Layout, BSK 3rd Stage, Katharigupppe Main Road, Bengaluru-560085. Mobile: 9663122276 Editor : H.L.AMARANATH
